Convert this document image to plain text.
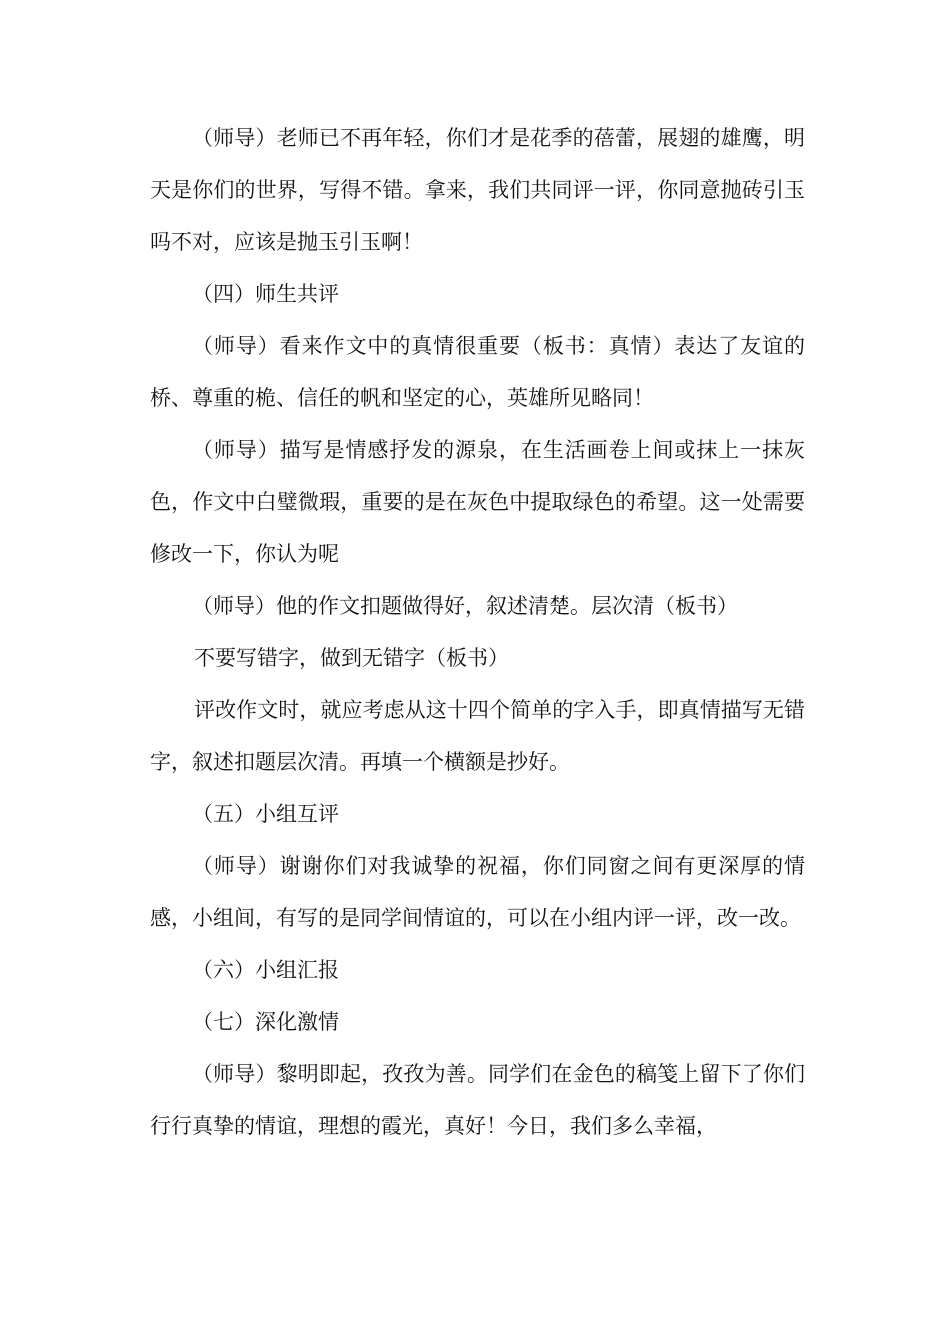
（师导）老师已不再年轻，你们才是花季的蓓蕾，展翅的雄鹰，明天是你们的世界，写得不错。拿来，我们共同评一评，你同意抛砖引玉吗不对，应该是抛玉引玉啊！

（四）师生共评

（师导）看来作文中的真情很重要（板书：真情）表达了友谊的桥、尊重的桅、信任的帆和坚定的心，英雄所见略同！

（师导）描写是情感抒发的源泉，在生活画卷上间或抹上一抹灰色，作文中白璧微瑕，重要的是在灰色中提取绿色的希望。这一处需要修改一下，你认为呢

（师导）他的作文扣题做得好，叙述清楚。层次清（板书）

不要写错字，做到无错字（板书）

评改作文时，就应考虑从这十四个简单的字入手，即真情描写无错字，叙述扣题层次清。再填一个横额是抄好。

（五）小组互评

（师导）谢谢你们对我诚挚的祝福，你们同窗之间有更深厚的情感，小组间，有写的是同学间情谊的，可以在小组内评一评，改一改。

（六）小组汇报

（七）深化激情

（师导）黎明即起，孜孜为善。同学们在金色的稿笺上留下了你们行行真挚的情谊，理想的霞光，真好！今日，我们多么幸福，
